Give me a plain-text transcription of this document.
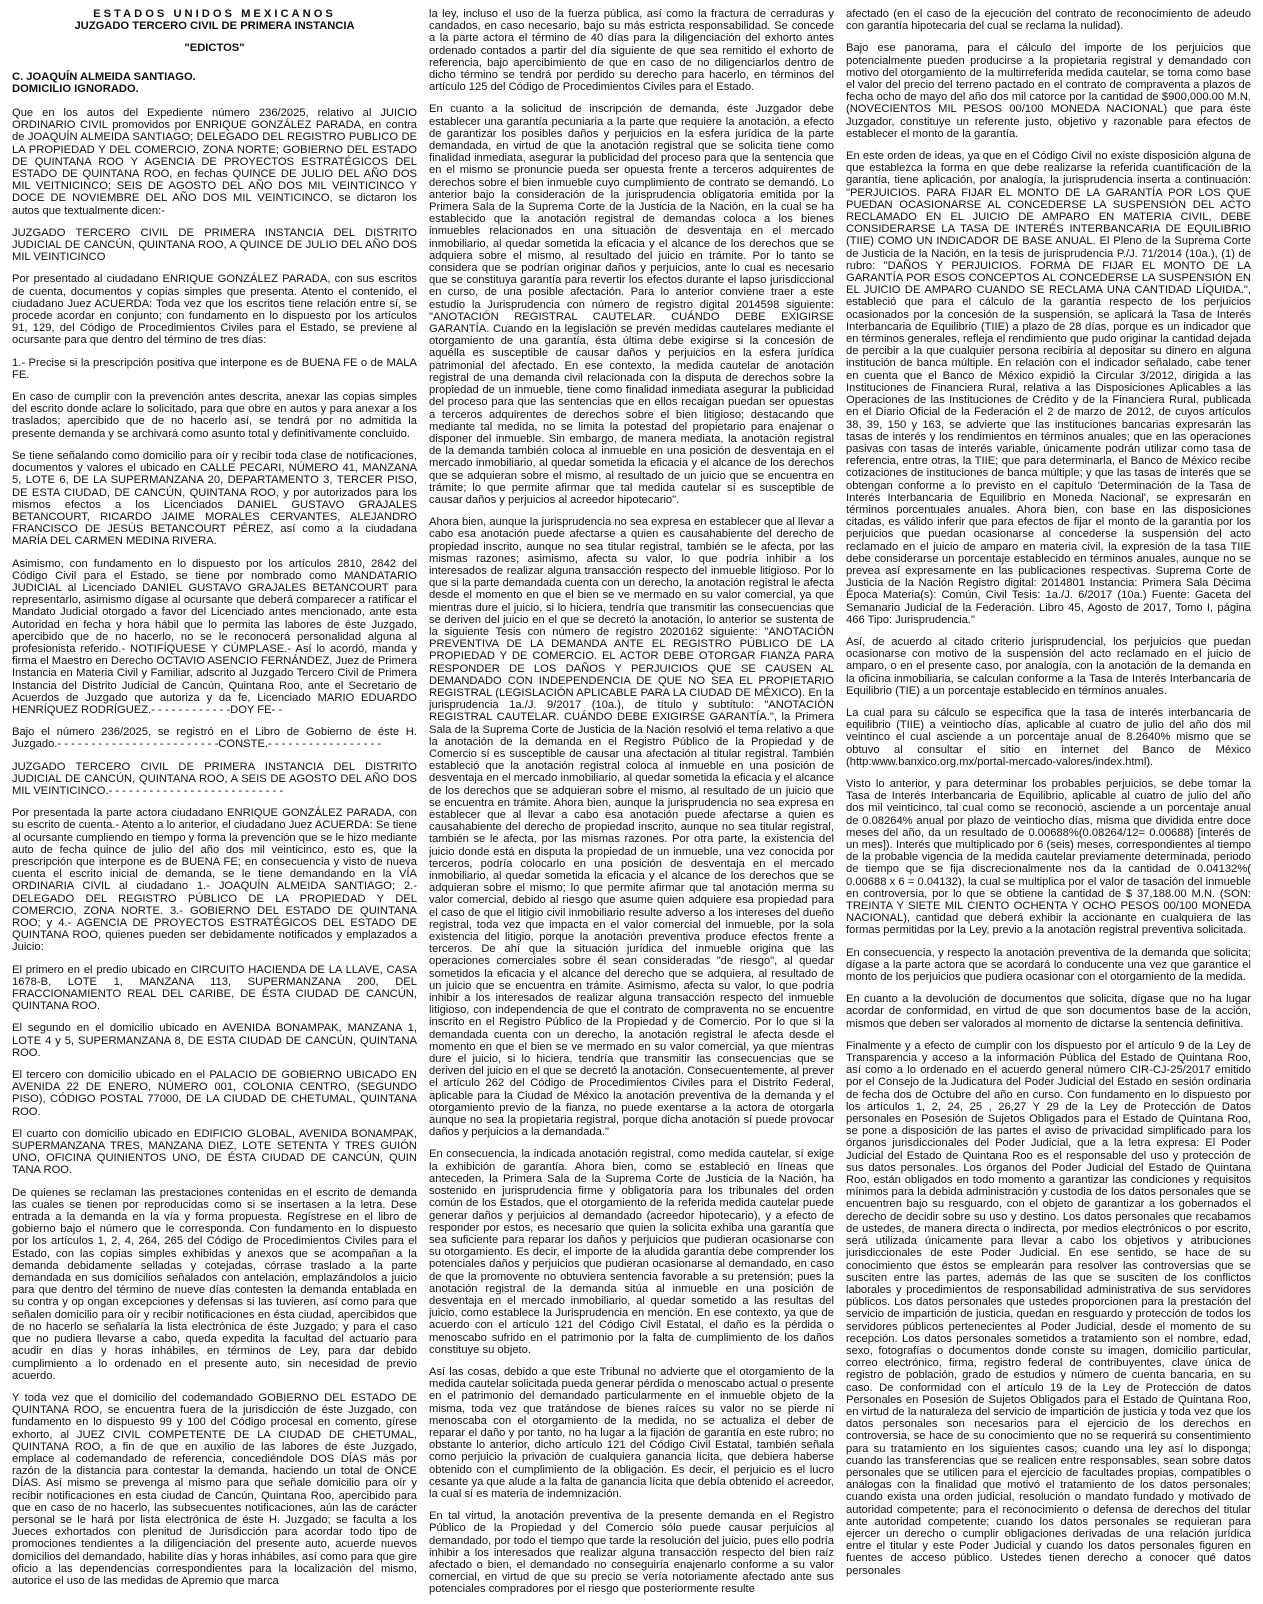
ESTADOS UNIDOS MEXICANOS
JUZGADO TERCERO CIVIL DE PRIMERA INSTANCIA
"EDICTOS"
C. JOAQUÍN ALMEIDA SANTIAGO.
DOMICILIO IGNORADO.

Que en los autos del Expediente número 236/2025, relativo al JUICIO ORDINARIO CIVIL promovidos por ENRIQUE GONZÁLEZ PARADA, en contra de JOAQUÍN ALMEIDA SANTIAGO; DELEGADO DEL REGISTRO PUBLICO DE LA PROPIEDAD Y DEL COMERCIO, ZONA NORTE; GOBIERNO DEL ESTADO DE QUINTANA ROO Y AGENCIA DE PROYECTOS ESTRATÉGICOS DEL ESTADO DE QUINTANA ROO, en fechas QUINCE DE JULIO DEL AÑO DOS MIL VEITNICINCO; SEIS DE AGOSTO DEL AÑO DOS MIL VEINTICINCO Y DOCE DE NOVIEMBRE DEL AÑO DOS MIL VEINTICINCO, se dictaron los autos que textualmente dicen:-

JUZGADO TERCERO CIVIL DE PRIMERA INSTANCIA DEL DISTRITO JUDICIAL DE CANCÚN, QUINTANA ROO, A QUINCE DE JULIO DEL AÑO DOS MIL VEINTICINCO

Por presentado al ciudadano ENRIQUE GONZÁLEZ PARADA, con sus escritos de cuenta, documentos y copias simples que presenta. Atento el contenido, el ciudadano Juez ACUERDA: Toda vez que los escritos tiene relación entre sí, se procede acordar en conjunto; con fundamento en lo dispuesto por los artículos 91, 129, del Código de Procedimientos Civiles para el Estado, se previene al ocursante para que dentro del término de tres días:

1.- Precise si la prescripción positiva que interpone es de BUENA FE o de MALA FE.

En caso de cumplir con la prevención antes descrita, anexar las copias simples del escrito donde aclare lo solicitado, para que obre en autos y para anexar a los traslados; apercibido que de no hacerlo así, se tendrá por no admitida la presente demanda y se archivará como asunto total y definitivamente concluido.

Se tiene señalando como domicilio para oír y recibir toda clase de notificaciones, documentos y valores el ubicado en CALLE PECARI, NÚMERO 41, MANZANA 5, LOTE 6, DE LA SUPERMANZANA 20, DEPARTAMENTO 3, TERCER PISO, DE ESTA CIUDAD, DE CANCÚN, QUINTANA ROO, y por autorizados para los mismos efectos a los Licenciados DANIEL GUSTAVO GRAJALES BETANCOURT, RICARDO JAIME MORALES CERVANTES, ALEJANDRO FRANCISCO DE JESÚS BETANCOURT PÉREZ, así como a la ciudadana MARÍA DEL CARMEN MEDINA RIVERA.

Asimismo, con fundamento en lo dispuesto por los artículos 2810, 2842 del Código Civil para el Estado, se tiene por nombrado como MANDATARIO JUDICIAL al Licenciado DANIEL GUSTAVO GRAJALES BETANCOURT para representarlo, asimismo dígase al ocursante que deberá comparecer a ratificar el Mandato Judicial otorgado a favor del Licenciado antes mencionado, ante esta Autoridad en fecha y hora hábil que lo permita las labores de éste Juzgado, apercibido que de no hacerlo, no se le reconocerá personalidad alguna al profesionista referido.- NOTIFÍQUESE Y CÚMPLASE.- Así lo acordó, manda y firma el Maestro en Derecho OCTAVIO ASENCIO FERNÁNDEZ, Juez de Primera Instancia en Materia Civil y Familiar, adscrito al Juzgado Tercero Civil de Primera Instancia del Distrito Judicial de Cancún, Quintana Roo, ante el Secretario de Acuerdos de Juzgado que autoriza y da fe, Licenciado MARIO EDUARDO HENRÍQUEZ RODRÍGUEZ.- - - - - - - - - - - -DOY FE- -

Bajo el número 236/2025, se registró en el Libro de Gobierno de éste H. Juzgado.- - - - - - - - - - - - - - - - - - - - - - - -CONSTE.- - - - - - - - - - - - - - - - -

JUZGADO TERCERO CIVIL DE PRIMERA INSTANCIA DEL DISTRITO JUDICIAL DE CANCÚN, QUINTANA ROO, A SEIS DE AGOSTO DEL AÑO DOS MIL VEINTICINCO.- - - - - - - - - - - - - - - - - - - - - - - - - -

Por presentada la parte actora ciudadano ENRIQUE GONZÁLEZ PARADA, con su escrito de cuenta.- Atento a lo anterior, el ciudadano Juez ACUERDA: Se tiene al ocursante cumpliendo en tiempo y forma la prevención que se le hizo mediante auto de fecha quince de julio del año dos mil veinticinco, esto es, que la prescripción que interpone es de BUENA FE; en consecuencia y visto de nueva cuenta el escrito inicial de demanda, se le tiene demandando en la VÍA ORDINARIA CIVIL al ciudadano 1.- JOAQUÍN ALMEIDA SANTIAGO; 2.- DELEGADO DEL REGISTRO PÚBLICO DE LA PROPIEDAD Y DEL COMERCIO, ZONA NORTE. 3.- GOBIERNO DEL ESTADO DE QUINTANA ROO; y 4.- AGENCIA DE PROYECTOS ESTRATÉGICOS DEL ESTADO DE QUINTANA ROO, quienes pueden ser debidamente notificados y emplazados a Juicio:

El primero en el predio ubicado en CIRCUITO HACIENDA DE LA LLAVE, CASA 1678-B, LOTE 1, MANZANA 113, SUPERMANZANA 200, DEL FRACCIONAMIENTO REAL DEL CARIBE, DE ÉSTA CIUDAD DE CANCÚN, QUINTANA ROO.

El segundo en el domicilio ubicado en AVENIDA BONAMPAK, MANZANA 1, LOTE 4 y 5, SUPERMANZANA 8, DE ESTA CIUDAD DE CANCÚN, QUINTANA ROO.

El tercero con domicilio ubicado en el PALACIO DE GOBIERNO UBICADO EN AVENIDA 22 DE ENERO, NÚMERO 001, COLONIA CENTRO, (SEGUNDO PISO), CÓDIGO POSTAL 77000, DE LA CIUDAD DE CHETUMAL, QUINTANA ROO.

El cuarto con domicilio ubicado en EDIFICIO GLOBAL, AVENIDA BONAMPAK, SUPERMANZANA TRES, MANZANA DIEZ, LOTE SETENTA Y TRES GUIÓN UNO, OFICINA QUINIENTOS UNO, DE ÉSTA CIUDAD DE CANCÚN, QUIN TANA ROO.

De quienes se reclaman las prestaciones contenidas en el escrito de demanda las cuales se tienen por reproducidas como si se insertasen a la letra. Dese entrada a la demanda en la vía y forma propuesta. Regístrese en el libro de gobierno bajo el número que le corresponda. Con fundamento en lo dispuesto por los artículos 1, 2, 4, 264, 265 del Código de Procedimientos Civiles para el Estado, con las copias simples exhibidas y anexos que se acompañan a la demanda debidamente selladas y cotejadas, córrase traslado a la parte demandada en sus domicilios señalados con antelación, emplazándolos a juicio para que dentro del término de nueve días contesten la demanda entablada en su contra y op ongan excepciones y defensas si las tuvieren, así como para que señalen domicilio para oír y recibir notificaciones en ésta ciudad, apercibidos que de no hacerlo se señalaría la lista electrónica de éste Juzgado; y para el caso que no pudiera llevarse a cabo, queda expedita la facultad del actuario para acudir en días y horas inhábiles, en términos de Ley, para dar debido cumplimiento a lo ordenado en el presente auto, sin necesidad de previo acuerdo.

Y toda vez que el domicilio del codemandado GOBIERNO DEL ESTADO DE QUINTANA ROO, se encuentra fuera de la jurisdicción de éste Juzgado, con fundamento en lo dispuesto 99 y 100 del Código procesal en comento, gírese exhorto, al JUEZ CIVIL COMPETENTE DE LA CIUDAD DE CHETUMAL, QUINTANA ROO, a fin de que en auxilio de las labores de éste Juzgado, emplace al codemandado de referencia, concediéndole DOS DÍAS más por razón de la distancia para contestar la demanda, haciendo un total de ONCE DÍAS. Así mismo se prevenga al mismo para que señale domicilio para oír y recibir notificaciones en esta ciudad de Cancún, Quintana Roo, apercibido para que en caso de no hacerlo, las subsecuentes notificaciones, aún las de carácter personal se le hará por lista electrónica de éste H. Juzgado; se faculta a los Jueces exhortados con plenitud de Jurisdicción para acordar todo tipo de promociones tendientes a la diligenciación del presente auto, acuerde nuevos domicilios del demandado, habilite días y horas inhábiles, así como para que gire oficio a las dependencias correspondientes para la localización del mismo, autorice el uso de las medidas de Apremio que marca

la ley, incluso el uso de la fuerza pública, así como la fractura de cerraduras y candados, en caso necesario, bajo su más estricta responsabilidad. Se concede a la parte actora el término de 40 días para la diligenciación del exhorto antes ordenado contados a partir del día siguiente de que sea remitido el exhorto de referencia, bajo apercibimiento de que en caso de no diligenciarlos dentro de dicho término se tendrá por perdido su derecho para hacerlo, en términos del artículo 125 del Código de Procedimientos Civiles para el Estado.

En cuanto a la solicitud de inscripción de demanda, éste Juzgador debe establecer una garantía pecuniaria a la parte que requiere la anotación, a efecto de garantizar los posibles daños y perjuicios en la esfera jurídica de la parte demandada, en virtud de que la anotación registral que se solicita tiene como finalidad inmediata, asegurar la publicidad del proceso para que la sentencia que en el mismo se pronuncie pueda ser opuesta frente a terceros adquirentes de derechos sobre el bien inmueble cuyo cumplimiento de contrato se demandó. Lo anterior bajo la consideración de la jurisprudencia obligatoria emitida por la Primera Sala de la Suprema Corte de la Justicia de la Nación, en la cual se ha establecido que la anotación registral de demandas coloca a los bienes inmuebles relacionados en una situación de desventaja en el mercado inmobiliario, al quedar sometida la eficacia y el alcance de los derechos que se adquiera sobre el mismo, al resultado del juicio en trámite. Por lo tanto se considera que se podrían originar daños y perjuicios, ante lo cual es necesario que se constituya garantía para revertir los efectos durante el lapso jurisdiccional en curso, de una posible afectación. Para lo anterior conviene traer a este estudio la Jurisprudencia con número de registro digital 2014598 siguiente: "ANOTACIÓN REGISTRAL CAUTELAR. CUÁNDO DEBE EXIGIRSE GARANTÍA. Cuando en la legislación se prevén medidas cautelares mediante el otorgamiento de una garantía, ésta última debe exigirse si la concesión de aquélla es susceptible de causar daños y perjuicios en la esfera jurídica patrimonial del afectado. En ese contexto, la medida cautelar de anotación registral de una demanda civil relacionada con la disputa de derechos sobre la propiedad de un inmueble, tiene como finalidad inmediata asegurar la publicidad del proceso para que las sentencias que en ellos recaigan puedan ser opuestas a terceros adquirentes de derechos sobre el bien litigioso; destacando que mediante tal medida, no se limita la potestad del propietario para enajenar o disponer del inmueble. Sin embargo, de manera mediata, la anotación registral de la demanda también coloca al inmueble en una posición de desventaja en el mercado inmobiliario, al quedar sometida la eficacia y el alcance de los derechos que se adquieran sobre el mismo, al resultado de un juicio que se encuentra en trámite; lo que permite afirmar que tal medida cautelar sí es susceptible de causar daños y perjuicios al acreedor hipotecario".

Ahora bien, aunque la jurisprudencia no sea expresa en establecer que al llevar a cabo esa anotación puede afectarse a quien es causahabiente del derecho de propiedad inscrito, aunque no sea titular registral, también se le afecta, por las mismas razones; asimismo, afecta su valor, lo que podría inhibir a los interesados de realizar alguna transacción respecto del inmueble litigioso. Por lo que si la parte demandada cuenta con un derecho, la anotación registral le afecta desde el momento en que el bien se ve mermado en su valor comercial, ya que mientras dure el juicio, si lo hiciera, tendría que transmitir las consecuencias que se deriven del juicio en el que se decretó la anotación, lo anterior se sustenta de la siguiente Tesis con número de registro 2020162 siguiente: "ANOTACIÓN PREVENTIVA DE LA DEMANDA ANTE EL REGISTRO PÚBLICO DE LA PROPIEDAD Y DE COMERCIO. EL ACTOR DEBE OTORGAR FIANZA PARA RESPONDER DE LOS DAÑOS Y PERJUICIOS QUE SE CAUSEN AL DEMANDADO CON INDEPENDENCIA DE QUE NO SEA EL PROPIETARIO REGISTRAL (LEGISLACIÓN APLICABLE PARA LA CIUDAD DE MÉXICO). En la jurisprudencia 1a./J. 9/2017 (10a.), de título y subtítulo: "ANOTACIÓN REGISTRAL CAUTELAR. CUÁNDO DEBE EXIGIRSE GARANTÍA.", la Primera Sala de la Suprema Corte de Justicia de la Nación resolvió el tema relativo a que la anotación de la demanda en el Registro Público de la Propiedad y de Comercio sí es susceptible de causar una afectación al titular registral. También estableció que la anotación registral coloca al inmueble en una posición de desventaja en el mercado inmobiliario, al quedar sometida la eficacia y el alcance de los derechos que se adquieran sobre el mismo, al resultado de un juicio que se encuentra en trámite. Ahora bien, aunque la jurisprudencia no sea expresa en establecer que al llevar a cabo esa anotación puede afectarse a quien es causahabiente del derecho de propiedad inscrito, aunque no sea titular registral, también se le afecta, por las mismas razones. Por otra parte, la existencia del juicio donde está en disputa la propiedad de un inmueble, una vez conocida por terceros, podría colocarlo en una posición de desventaja en el mercado inmobiliario, al quedar sometida la eficacia y el alcance de los derechos que se adquieran sobre el mismo; lo que permite afirmar que tal anotación merma su valor comercial, debido al riesgo que asume quien adquiere esa propiedad para el caso de que el litigio civil inmobiliario resulte adverso a los intereses del dueño registral, toda vez que impacta en el valor comercial del inmueble, por la sola existencia del litigio, porque la anotación preventiva produce efectos frente a terceros. De ahí que la situación jurídica del inmueble origina que las operaciones comerciales sobre él sean consideradas "de riesgo", al quedar sometidos la eficacia y el alcance del derecho que se adquiera, al resultado de un juicio que se encuentra en trámite. Asimismo, afecta su valor, lo que podría inhibir a los interesados de realizar alguna transacción respecto del inmueble litigioso, con independencia de que el contrato de compraventa no se encuentre inscrito en el Registro Público de la Propiedad y de Comercio. Por lo que si la demandada cuenta con un derecho, la anotación registral le afecta desde el momento en que el bien se ve mermado en su valor comercial, ya que mientras dure el juicio, si lo hiciera, tendría que transmitir las consecuencias que se deriven del juicio en el que se decretó la anotación. Consecuentemente, al prever el artículo 262 del Código de Procedimientos Civiles para el Distrito Federal, aplicable para la Ciudad de México la anotación preventiva de la demanda y el otorgamiento previo de la fianza, no puede exentarse a la actora de otorgarla aunque no sea la propietaria registral, porque dicha anotación sí puede provocar daños y perjuicios a la demandada."

En consecuencia, la indicada anotación registral, como medida cautelar, sí exige la exhibición de garantía. Ahora bien, como se estableció en líneas que anteceden, la Primera Sala de la Suprema Corte de Justicia de la Nación, ha sostenido en jurisprudencia firme y obligatoria para los tribunales del orden común de los Estados, que el otorgamiento de la referida medida cautelar puede generar daños y perjuicios al demandado (acreedor hipotecario), y a efecto de responder por estos, es necesario que quien la solicita exhiba una garantía que sea suficiente para reparar los daños y perjuicios que pudieran ocasionarse con su otorgamiento. Es decir, el importe de la aludida garantía debe comprender los potenciales daños y perjuicios que pudieran ocasionarse al demandado, en caso de que la promovente no obtuviera sentencia favorable a su pretensión; pues la anotación registral de la demanda sitúa al inmueble en una posición de desventaja en el mercado inmobiliario, al quedar sometido a las resultas del juicio, como establece la Jurisprudencia en mención. En ese contexto, ya que de acuerdo con el artículo 121 del Código Civil Estatal, el daño es la pérdida o menoscabo sufrido en el patrimonio por la falta de cumplimiento de los daños constituye su objeto.

Así las cosas, debido a que este Tribunal no advierte que el otorgamiento de la medida cautelar solicitada pueda generar pérdida o menoscabo actual o presente en el patrimonio del demandado particularmente en el inmueble objeto de la misma, toda vez que tratándose de bienes raíces su valor no se pierde ni menoscaba con el otorgamiento de la medida, no se actualiza el deber de reparar el daño y por tanto, no ha lugar a la fijación de garantía en este rubro; no obstante lo anterior, dicho artículo 121 del Código Civil Estatal, también señala como perjuicio la privación de cualquiera ganancia lícita, que debiera haberse obtenido con el cumplimiento de la obligación. Es decir, el perjuicio es el lucro cesante ya que alude a la falta de ganancia lícita que debía obtenido el acreedor, la cual sí es materia de indemnización.

En tal virtud, la anotación preventiva de la presente demanda en el Registro Público de la Propiedad y del Comercio sólo puede causar perjuicios al demandado, por todo el tiempo que tarde la resolución del juicio, pues ello podría inhibir a los interesados que realizar alguna transacción respecto del bien raíz afectado o bien, el demandado no conseguiría enajenarlo conforme a su valor comercial, en virtud de que su precio se vería notoriamente afectado ante sus potenciales compradores por el riesgo que posteriormente resulte

afectado (en el caso de la ejecución del contrato de reconocimiento de adeudo con garantía hipotecaria del cual se reclama la nulidad).

Bajo ese panorama, para el cálculo del importe de los perjuicios que potencialmente pueden producirse a la propietaria registral y demandado con motivo del otorgamiento de la multirreferida medida cautelar, se toma como base el valor del precio del terreno pactado en el contrato de compraventa a plazos de fecha ocho de mayo del año dos mil catorce por la cantidad de $900,000.00 M.N. (NOVECIENTOS MIL PESOS 00/100 MONEDA NACIONAL) que para éste Juzgador, constituye un referente justo, objetivo y razonable para efectos de establecer el monto de la garantía.

En este orden de ideas, ya que en el Código Civil no existe disposición alguna de que establezca la forma en que debe realizarse la referida cuantificación de la garantía, tiene aplicación, por analogía, la jurisprudencia inserta a continuación: "PERJUICIOS. PARA FIJAR EL MONTO DE LA GARANTÍA POR LOS QUE PUEDAN OCASIONARSE AL CONCEDERSE LA SUSPENSIÓN DEL ACTO RECLAMADO EN EL JUICIO DE AMPARO EN MATERIA CIVIL, DEBE CONSIDERARSE LA TASA DE INTERÉS INTERBANCARIA DE EQUILIBRIO (TIIE) COMO UN INDICADOR DE BASE ANUAL. El Pleno de la Suprema Corte de Justicia de la Nación, en la tesis de jurisprudencia P./J. 71/2014 (10a.), (1) de rubro: "DAÑOS Y PERJUICIOS. FORMA DE FIJAR EL MONTO DE LA GARANTÍA POR ESOS CONCEPTOS AL CONCEDERSE LA SUSPENSIÓN EN EL JUICIO DE AMPARO CUANDO SE RECLAMA UNA CANTIDAD LÍQUIDA.", estableció que para el cálculo de la garantía respecto de los perjuicios ocasionados por la concesión de la suspensión, se aplicará la Tasa de Interés Interbancaria de Equilibrio (TIIE) a plazo de 28 días, porque es un indicador que en términos generales, refleja el rendimiento que pudo originar la cantidad dejada de percibir a la que cualquier persona recibiría al depositar su dinero en alguna institución de banca múltiple. En relación con el indicador señalado, cabe tener en cuenta que el Banco de México expidió la Circular 3/2012, dirigida a las Instituciones de Financiera Rural, relativa a las Disposiciones Aplicables a las Operaciones de las Instituciones de Crédito y de la Financiera Rural, publicada en el Diario Oficial de la Federación el 2 de marzo de 2012, de cuyos artículos 38, 39, 150 y 163, se advierte que las instituciones bancarias expresarán las tasas de interés y los rendimientos en términos anuales; que en las operaciones pasivas con tasas de interés variable, únicamente podrán utilizar como tasa de referencia, entre otras, la TIIE; que para determinarla, el Banco de México recibe cotizaciones de instituciones de banca múltiple; y que las tasas de interés que se obtengan conforme a lo previsto en el capítulo 'Determinación de la Tasa de Interés Interbancaria de Equilibrio en Moneda Nacional', se expresarán en términos porcentuales anuales. Ahora bien, con base en las disposiciones citadas, es válido inferir que para efectos de fijar el monto de la garantía por los perjuicios que puedan ocasionarse al concederse la suspensión del acto reclamado en el juicio de amparo en materia civil, la expresión de la tasa TIIE debe considerarse un porcentaje establecido en términos anuales, aunque no se prevea así expresamente en las publicaciones respectivas. Suprema Corte de Justicia de la Nación Registro digital: 2014801 Instancia: Primera Sala Décima Época Materia(s): Común, Civil Tesis: 1a./J. 6/2017 (10a.) Fuente: Gaceta del Semanario Judicial de la Federación. Libro 45, Agosto de 2017, Tomo I, página 466 Tipo: Jurisprudencia."

Así, de acuerdo al citado criterio jurisprudencial, los perjuicios que puedan ocasionarse con motivo de la suspensión del acto reclamado en el juicio de amparo, o en el presente caso, por analogía, con la anotación de la demanda en la oficina inmobiliaria, se calculan conforme a la Tasa de Interés Interbancaria de Equilibrio (TIE) a un porcentaje establecido en términos anuales.

La cual para su cálculo se especifica que la tasa de interés interbancaria de equilibrio (TIIE) a veintiocho días, aplicable al cuatro de julio del año dos mil veintinco el cual asciende a un porcentaje anual de 8.2640% mismo que se obtuvo al consultar el sitio en internet del Banco de México (http:www.banxico.org.mx/portal-mercado-valores/index.html).

Visto lo anterior, y para determinar los probables perjuicios, se debe tomar la Tasa de Interés Interbancaria de Equilibrio, aplicable al cuatro de julio del año dos mil veinticinco, tal cual como se reconoció, asciende a un porcentaje anual de 0.08264% anual por plazo de veintiocho días, misma que dividida entre doce meses del año, da un resultado de 0.00688%(0.08264/12= 0.00688) [interés de un mes]). Interés que multiplicado por 6 (seis) meses, correspondientes al tiempo de la probable vigencia de la medida cautelar previamente determinada, periodo de tiempo que se fija discrecionalmente nos da la cantidad de 0.04132%( 0.00688 x 6 = 0.04132), la cual se multiplica por el valor de tasación del inmueble en controversia, por lo que se obtiene la cantidad de $ 37,188.00 M.N. (SON: TREINTA Y SIETE MIL CIENTO OCHENTA Y OCHO PESOS 00/100 MONEDA NACIONAL), cantidad que deberá exhibir la accionante en cualquiera de las formas permitidas por la Ley, previo a la anotación registral preventiva solicitada.

En consecuencia, y respecto la anotación preventiva de la demanda que solicita; dígase a la parte actora que se acordará lo conducente una vez que garantice el monto de los perjuicios que pudiera ocasionar con el otorgamiento de la medida.

En cuanto a la devolución de documentos que solicita, dígase que no ha lugar acordar de conformidad, en virtud de que son documentos base de la acción, mismos que deben ser valorados al momento de dictarse la sentencia definitiva.

Finalmente y a efecto de cumplir con los dispuesto por el artículo 9 de la Ley de Transparencia y acceso a la información Pública del Estado de Quintana Roo, así como a lo ordenado en el acuerdo general número CIR-CJ-25/2017 emitido por el Consejo de la Judicatura del Poder Judicial del Estado en sesión ordinaria de fecha dos de Octubre del año en curso. Con fundamento en lo dispuesto por los artículos 1, 2, 24, 25 , 26,27 Y 29 de la Ley de Protección de Datos personales en Posesión de Sujetos Obligados para el Estado de Quintana Roo, se pone a disposición de las partes el aviso de privacidad simplificado para los órganos jurisdiccionales del Poder Judicial, que a la letra expresa: El Poder Judicial del Estado de Quintana Roo es el responsable del uso y protección de sus datos personales. Los órganos del Poder Judicial del Estado de Quintana Roo, están obligados en todo momento a garantizar las condiciones y requisitos mínimos para la debida administración y custodia de los datos personales que se encuentren bajo su resguardo, con el objeto de garantizar a los gobernados el derecho de decidir sobre su uso y destino. Los datos personales que recabamos de ustedes, de manera directa o indirecta, por medios electrónicos o por escrito, será utilizada únicamente para llevar a cabo los objetivos y atribuciones jurisdiccionales de este Poder Judicial. En ese sentido, se hace de su conocimiento que éstos se emplearán para resolver las controversias que se susciten entre las partes, además de las que se susciten de los conflictos laborales y procedimientos de responsabilidad administrativa de sus servidores públicos. Los datos personales que ustedes proporcionen para la prestación del servicio de impartición de justicia, quedan en resguardo y protección de todos los servidores públicos pertenecientes al Poder Judicial, desde el momento de su recepción. Los datos personales sometidos a tratamiento son el nombre, edad, sexo, fotografías o documentos donde conste su imagen, domicilio particular, correo electrónico, firma, registro federal de contribuyentes, clave única de registro de población, grado de estudios y número de cuenta bancaria, en su caso. De conformidad con el artículo 19 de la Ley de Protección de datos Personales en Posesión de Sujetos Obligados para el Estado de Quintana Roo, en virtud de la naturaleza del servicio de impartición de justicia y toda vez que los datos personales son necesarios para el ejercicio de los derechos en controversia, se hace de su conocimiento que no se requerirá su consentimiento para su tratamiento en los siguientes casos; cuando una ley así lo disponga; cuando las transferencias que se realicen entre responsables, sean sobre datos personales que se utilicen para el ejercicio de facultades propias, compatibles o análogas con la finalidad que motivó el tratamiento de los datos personales; cuando exista una orden judicial, resolución o mandato fundado y motivado de autoridad competente; para el reconocimiento o defensa de derechos del titular ante autoridad competente; cuando los datos personales se requieran para ejercer un derecho o cumplir obligaciones derivadas de una relación jurídica entre el titular y este Poder Judicial y cuando los datos personales figuren en fuentes de acceso público. Ustedes tienen derecho a conocer qué datos personales
